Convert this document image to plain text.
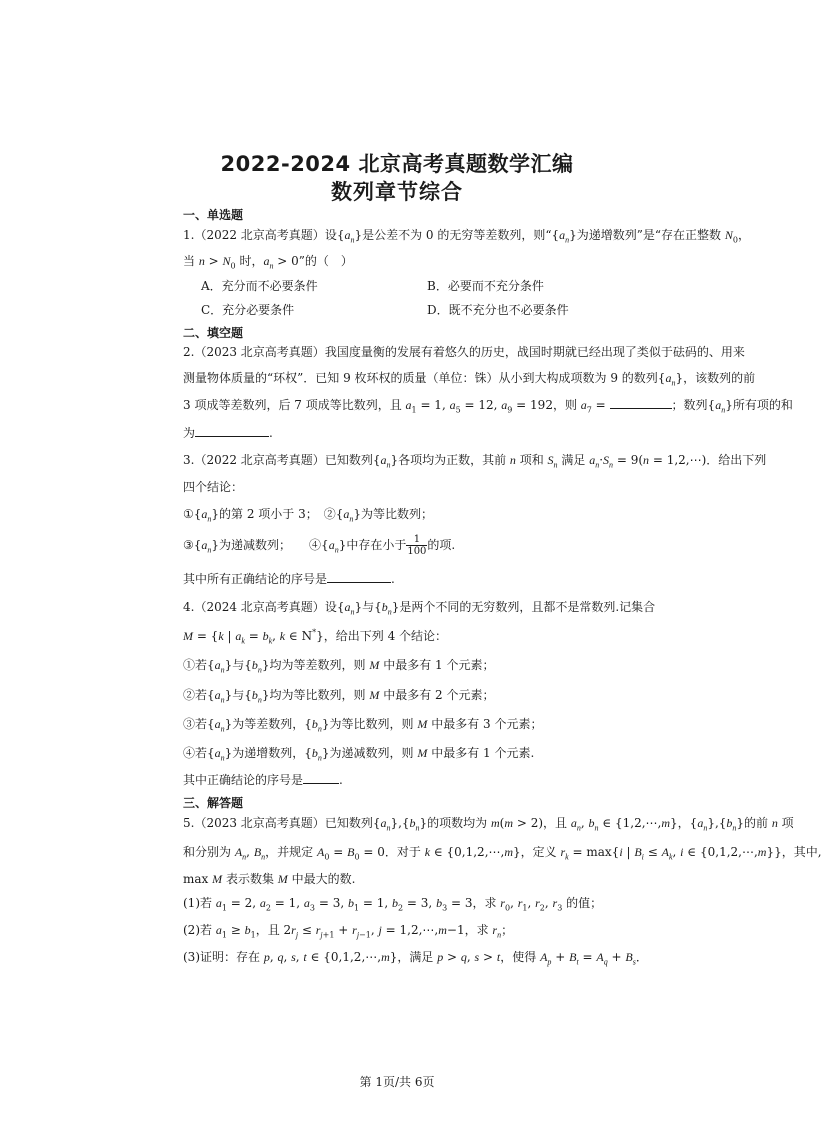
2022-2024 北京高考真题数学汇编
数列章节综合
一、单选题
1.（2022 北京高考真题）设$\{a_n\}$是公差不为 0 的无穷等差数列，则“$\{a_n\}$为递增数列”是“存在正整数 $N_0$，
当 $n > N_0$ 时，$a_n > 0$”的（　）
A．充分而不必要条件	B．必要而不充分条件
C．充分必要条件	D．既不充分也不必要条件
二、填空题
2.（2023 北京高考真题）我国度量衡的发展有着悠久的历史，战国时期就已经出现了类似于砝码的、用来
测量物体质量的“环权”．已知 9 枚环权的质量（单位：铢）从小到大构成项数为 9 的数列$\{a_n\}$，该数列的前
3 项成等差数列，后 7 项成等比数列，且 $a_1 = 1$, $a_5 = 12$, $a_9 = 192$，则 $a_7$ =	；数列$\{a_n\}$所有项的和
为	.
3.（2022 北京高考真题）已知数列$\{a_n\}$各项均为正数，其前 n 项和 $S_n$ 满足 $a_n\cdot S_n = 9(n$ = 1,2,⋯)．给出下列
四个结论：
$①\{a_n\}$的第 2 项小于 3；　$②\{a_n\}$为等比数列；
$③\{a_n\}$为递减数列；　　$④\{a_n\}$中存在小于 $\frac{1}{100}$ 的项.
其中所有正确结论的序号是	.
4.（2024 北京高考真题）设$\{a_n\}$与$\{b_n\}$是两个不同的无穷数列，且都不是常数列.记集合
M = {k | $a_k = b_k$, k ∈ N*}，给出下列 4 个结论：
①若$\{a_n\}$与$\{b_n\}$均为等差数列，则 M 中最多有 1 个元素；
②若$\{a_n\}$与$\{b_n\}$均为等比数列，则 M 中最多有 2 个元素；
③若$\{a_n\}$为等差数列，$\{b_n\}$为等比数列，则 M 中最多有 3 个元素；
④若$\{a_n\}$为递增数列，$\{b_n\}$为递减数列，则 M 中最多有 1 个元素.
其中正确结论的序号是	.
三、解答题
5.（2023 北京高考真题）已知数列$\{a_n\},\{b_n\}$的项数均为 m(m > 2)，且 $a_n$, $b_n$ ∈ {1,2,⋯,m}，$\{a_n\},\{b_n\}$的前 n 项
和分别为 $A_n$, $B_n$，并规定 $A_0 = B_0 = 0$．对于 k ∈ {0,1,2,⋯,m}，定义 $r_k = \max\{i$ | $B_i \le A_k$, i ∈ {0,1,2,⋯,m}}，其中,
max M 表示数集 M 中最大的数.
(1)若 $a_1 = 2$, $a_2 = 1$, $a_3 = 3$, $b_1 = 1$, $b_2 = 3$, $b_3 = 3$，求 $r_0$, $r_1$, $r_2$, $r_3$ 的值；
(2)若 $a_1 \ge b_1$，且 $2r_j \le r_{j+1} + r_{j-1}$, j = 1,2,⋯,m−1，求 $r_n$；
(3)证明：存在 p, q, s, t ∈ {0,1,2,⋯,m}，满足 p > q, s > t，使得 $A_p + B_t = A_q + B_s$．
第 1页/共 6页
